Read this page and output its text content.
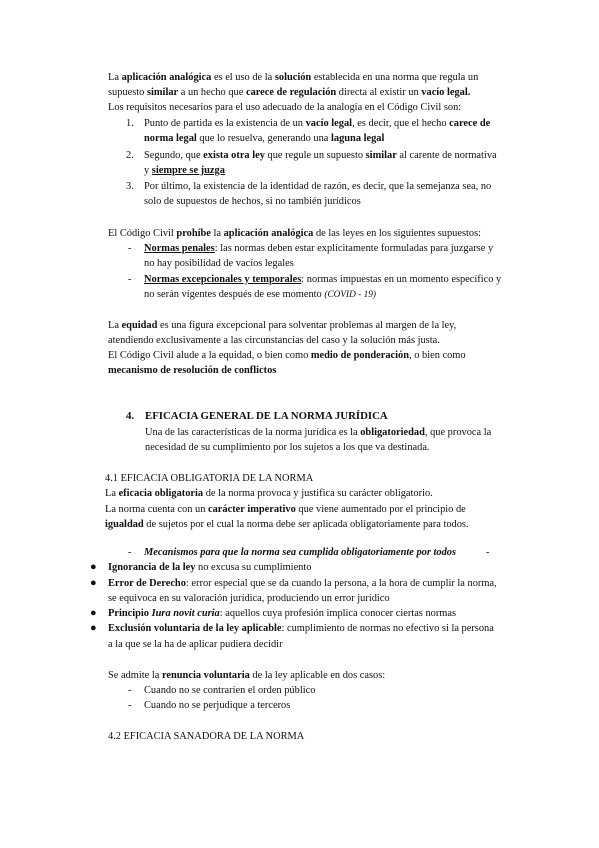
La aplicación analógica es el uso de la solución establecida en una norma que regula un
supuesto similar a un hecho que carece de regulación directa al existir un vacío legal.
Los requisitos necesarios para el uso adecuado de la analogía en el Código Civil son:
1. Punto de partida es la existencia de un vacío legal, es decir, que el hecho carece de
norma legal que lo resuelva, generando una laguna legal
2. Segundo, que exista otra ley que regule un supuesto similar al carente de normativa
y siempre se juzga
3. Por último, la existencia de la identidad de razón, es decir, que la semejanza sea, no
solo de supuestos de hechos, si no también jurídicos
El Código Civil prohíbe la aplicación analógica de las leyes en los siguientes supuestos:
- Normas penales: las normas deben estar explícitamente formuladas para juzgarse y
no hay posibilidad de vacíos legales
- Normas excepcionales y temporales: normas impuestas en un momento específico y
no serán vigentes después de ese momento (COVID - 19)
La equidad es una figura excepcional para solventar problemas al margen de la ley,
atendiendo exclusivamente a las circunstancias del caso y la solución más justa.
El Código Civil alude a la equidad, o bien como medio de ponderación, o bien como
mecanismo de resolución de conflictos
4. EFICACIA GENERAL DE LA NORMA JURÍDICA
Una de las características de la norma jurídica es la obligatoriedad, que provoca la
necesidad de su cumplimiento por los sujetos a los que va destinada.
4.1 EFICACIA OBLIGATORIA DE LA NORMA
La eficacia obligatoria de la norma provoca y justifica su carácter obligatorio.
La norma cuenta con un carácter imperativo que viene aumentado por el principio de
igualdad de sujetos por el cual la norma debe ser aplicada obligatoriamente para todos.
- Mecanismos para que la norma sea cumplida obligatoriamente por todos	-
● Ignorancia de la ley no excusa su cumplimiento
● Error de Derecho: error especial que se da cuando la persona, a la hora de cumplir la norma,
se equivoca en su valoración jurídica, produciendo un error jurídico
● Principio Iura novit curia: aquellos cuya profesión implica conocer ciertas normas
● Exclusión voluntaria de la ley aplicable: cumplimiento de normas no efectivo si la persona
a la que se la ha de aplicar pudiera decidir
Se admite la renuncia voluntaria de la ley aplicable en dos casos:
- Cuando no se contraríen el orden público
- Cuando no se perjudique a terceros
4.2 EFICACIA SANADORA DE LA NORMA
